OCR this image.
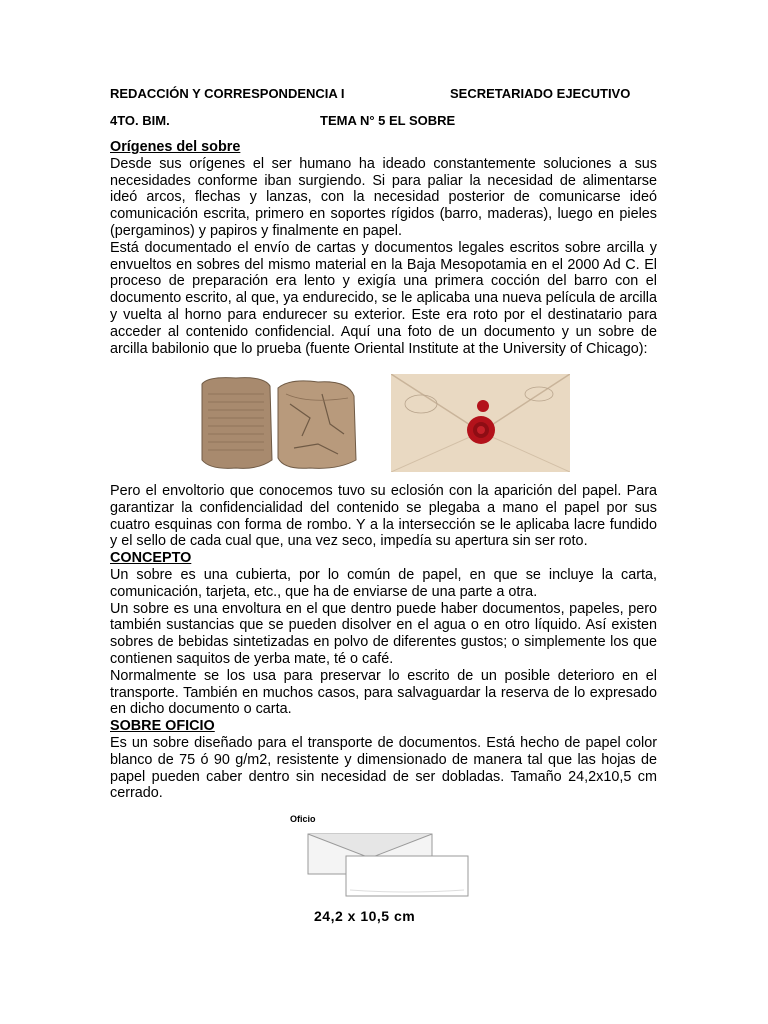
REDACCIÓN Y CORRESPONDENCIA I	SECRETARIADO EJECUTIVO
4TO. BIM.	TEMA N° 5 EL SOBRE
Orígenes del sobre

Desde sus orígenes el ser humano ha ideado constantemente soluciones a sus necesidades conforme iban surgiendo. Si para paliar la necesidad de alimentarse ideó arcos, flechas y lanzas, con la necesidad posterior de comunicarse ideó comunicación escrita, primero en soportes rígidos (barro, maderas), luego en pieles (pergaminos) y papiros y finalmente en papel.

Está documentado el envío de cartas y documentos legales escritos sobre arcilla y envueltos en sobres del mismo material en la Baja Mesopotamia en el 2000 Ad C. El proceso de preparación era lento y exigía una primera cocción del barro con el documento escrito, al que, ya endurecido, se le aplicaba una nueva película de arcilla y vuelta al horno para endurecer su exterior. Este era roto por el destinatario para acceder al contenido confidencial. Aquí una foto de un documento y un sobre de arcilla babilonio que lo prueba (fuente Oriental Institute at the University of Chicago):

Pero el envoltorio que conocemos tuvo su eclosión con la aparición del papel. Para garantizar la confidencialidad del contenido se plegaba a mano el papel por sus cuatro esquinas con forma de rombo. Y a la intersección se le aplicaba lacre fundido y el sello de cada cual que, una vez seco, impedía su apertura sin ser roto.

CONCEPTO

Un sobre es una cubierta, por lo común de papel, en que se incluye la carta, comunicación, tarjeta, etc., que ha de enviarse de una parte a otra.

Un sobre es una envoltura en el que dentro puede haber documentos, papeles, pero también sustancias que se pueden disolver en el agua o en otro líquido. Así existen sobres de bebidas sintetizadas en polvo de diferentes gustos; o simplemente los que contienen saquitos de yerba mate, té o café.

Normalmente se los usa para preservar lo escrito de un posible deterioro en el transporte. También en muchos casos, para salvaguardar la reserva de lo expresado en dicho documento o carta.

SOBRE OFICIO

Es un sobre diseñado para el transporte de documentos. Está hecho de papel color blanco de 75 ó 90 g/m2, resistente y dimensionado de manera tal que las hojas de papel pueden caber dentro sin necesidad de ser dobladas. Tamaño 24,2x10,5 cm cerrado.

Oficio
24,2 x 10,5 cm
